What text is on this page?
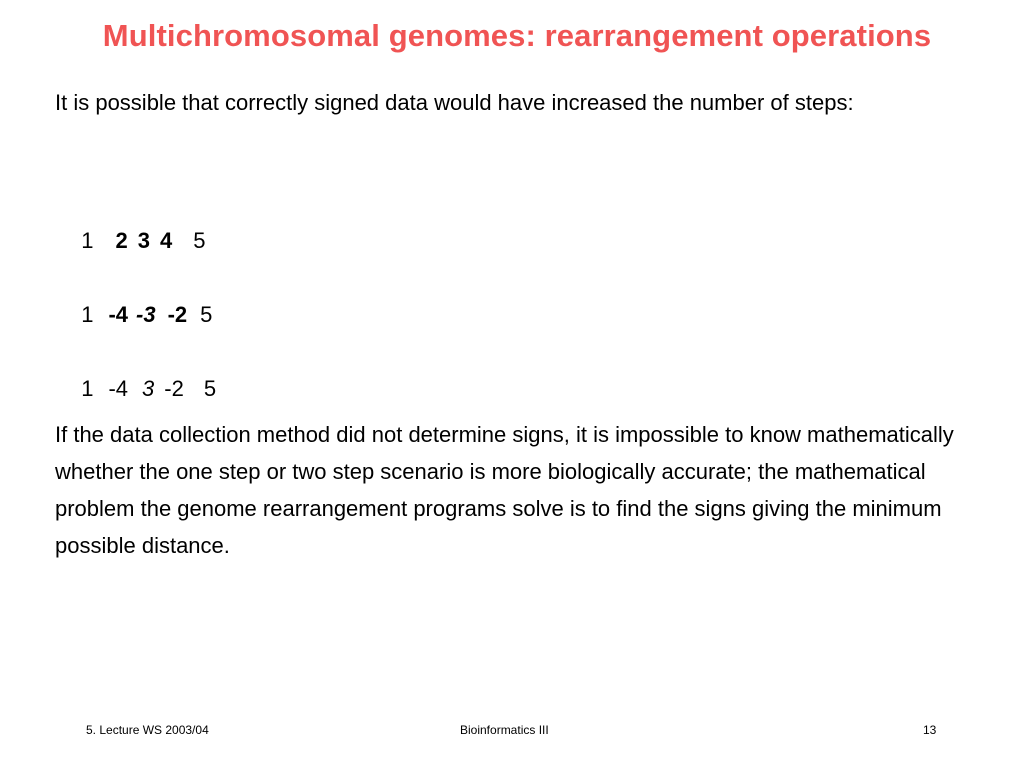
Multichromosomal genomes: rearrangement operations
It is possible that correctly signed data would have increased the number of steps:

1 2 3 4 5

1 -4 -3 -2 5

1 -4 3 -2 5

If the data collection method did not determine signs, it is impossible to know mathematically whether the one step or two step scenario is more biologically accurate; the mathematical problem the genome rearrangement programs solve is to find the signs giving the minimum possible distance.
5. Lecture WS 2003/04	Bioinformatics III	13
